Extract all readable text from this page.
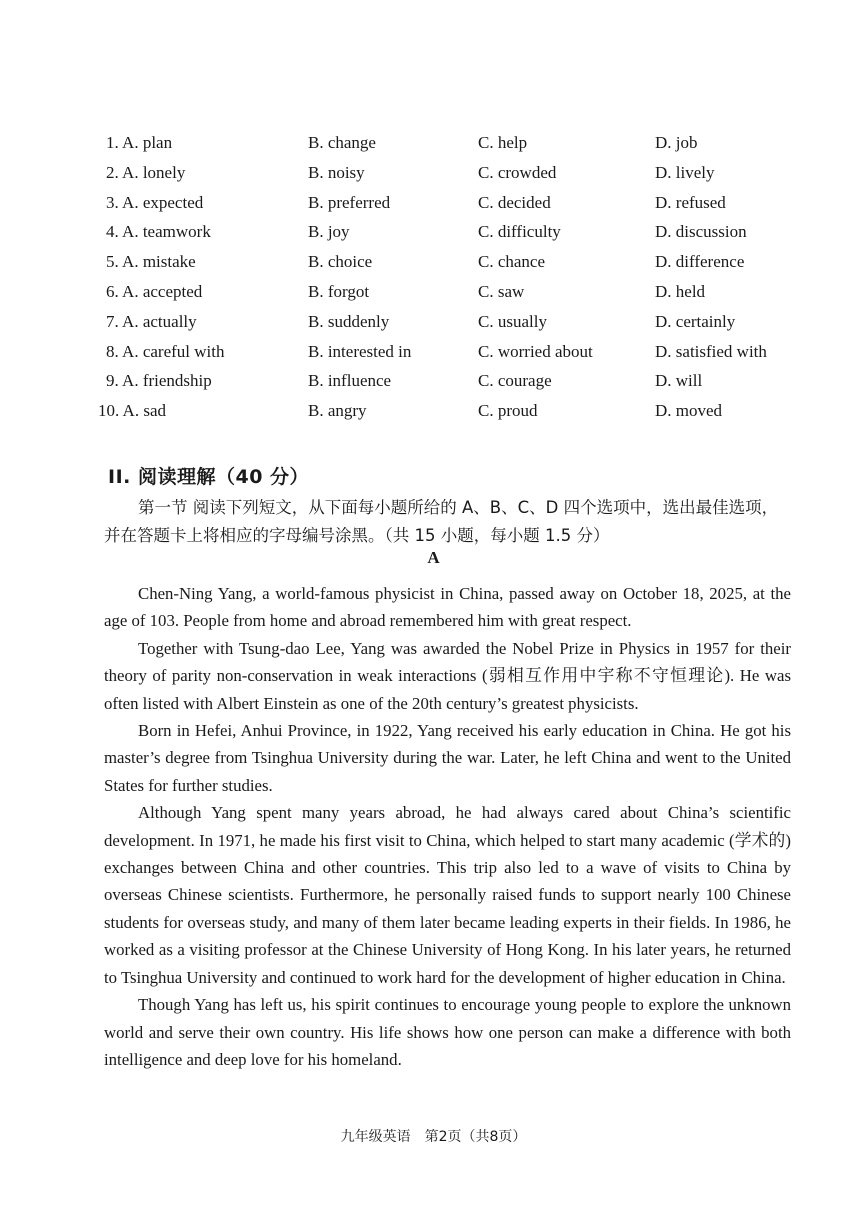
1. A. plan	B. change	C. help	D. job
2. A. lonely	B. noisy	C. crowded	D. lively
3. A. expected	B. preferred	C. decided	D. refused
4. A. teamwork	B. joy	C. difficulty	D. discussion
5. A. mistake	B. choice	C. chance	D. difference
6. A. accepted	B. forgot	C. saw	D. held
7. A. actually	B. suddenly	C. usually	D. certainly
8. A. careful with	B. interested in	C. worried about	D. satisfied with
9. A. friendship	B. influence	C. courage	D. will
10. A. sad	B. angry	C. proud	D. moved
II. 阅读理解（40 分）

第一节 阅读下列短文，从下面每小题所给的 A、B、C、D 四个选项中，选出最佳选项，并在答题卡上将相应的字母编号涂黑。（共 15 小题，每小题 1.5 分）

A

Chen-Ning Yang, a world-famous physicist in China, passed away on October 18, 2025, at the age of 103. People from home and abroad remembered him with great respect.

Together with Tsung-dao Lee, Yang was awarded the Nobel Prize in Physics in 1957 for their theory of parity non-conservation in weak interactions (弱相互作用中宇称不守恒理论). He was often listed with Albert Einstein as one of the 20th century’s greatest physicists.

Born in Hefei, Anhui Province, in 1922, Yang received his early education in China. He got his master’s degree from Tsinghua University during the war. Later, he left China and went to the United States for further studies.

Although Yang spent many years abroad, he had always cared about China’s scientific development. In 1971, he made his first visit to China, which helped to start many academic (学术的) exchanges between China and other countries. This trip also led to a wave of visits to China by overseas Chinese scientists. Furthermore, he personally raised funds to support nearly 100 Chinese students for overseas study, and many of them later became leading experts in their fields. In 1986, he worked as a visiting professor at the Chinese University of Hong Kong. In his later years, he returned to Tsinghua University and continued to work hard for the development of higher education in China.

Though Yang has left us, his spirit continues to encourage young people to explore the unknown world and serve their own country. His life shows how one person can make a difference with both intelligence and deep love for his homeland.

九年级英语　第2页（共8页）
